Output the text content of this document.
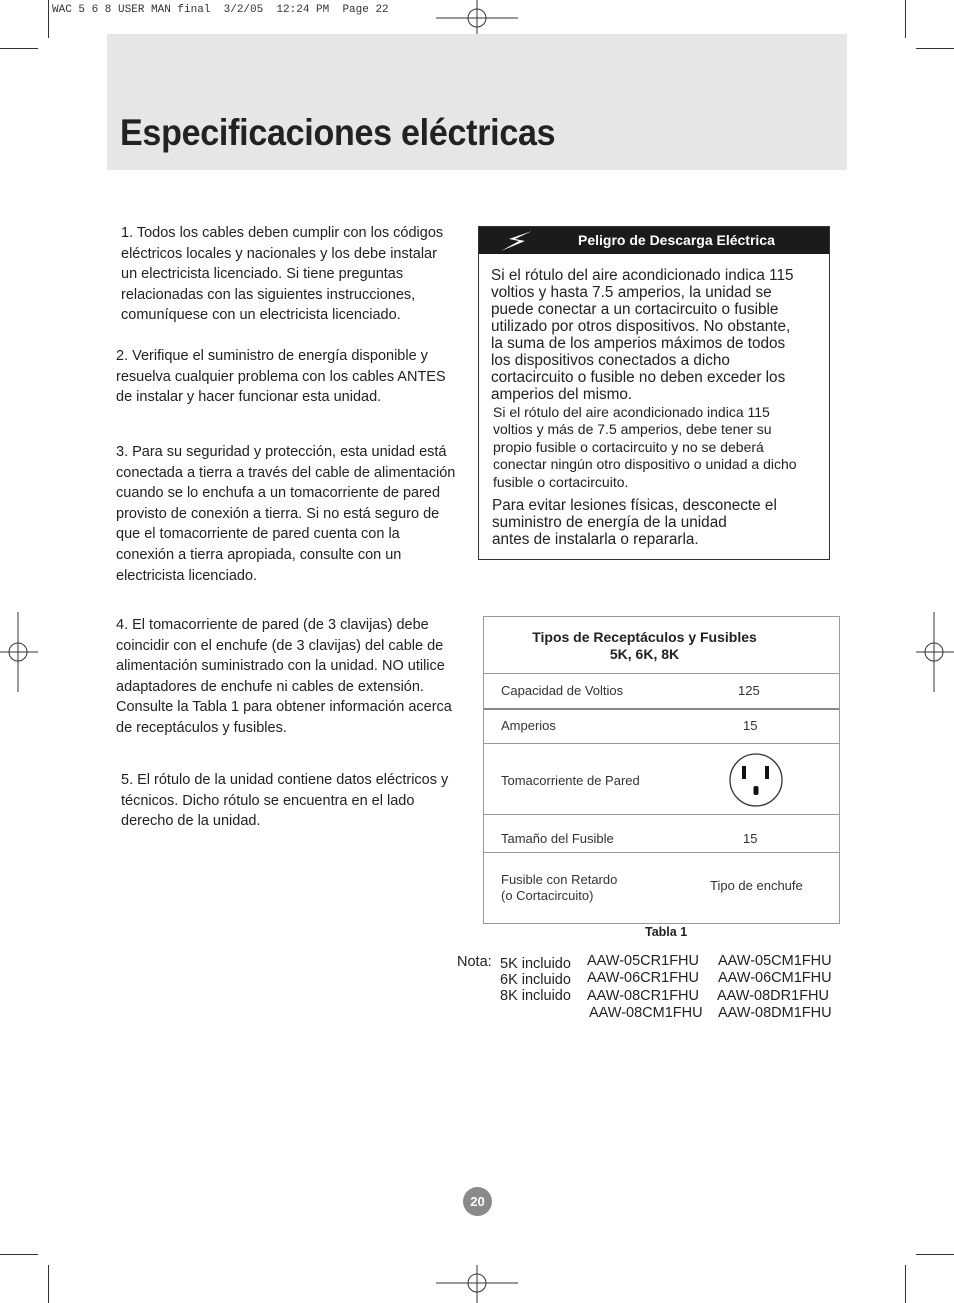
WAC 5 6 8 USER MAN final  3/2/05  12:24 PM  Page 22
Especificaciones eléctricas
1. Todos los cables deben cumplir con los códigos
eléctricos locales y nacionales y los debe instalar
un electricista licenciado. Si tiene preguntas
relacionadas con las siguientes instrucciones,
comuníquese con un electricista licenciado.
2. Verifique el suministro de energía disponible y
resuelva cualquier problema con los cables ANTES
de instalar y hacer funcionar esta unidad.
3. Para su seguridad y protección, esta unidad está
conectada a tierra a través del cable de alimentación
cuando se lo enchufa a un tomacorriente de pared
provisto de conexión a tierra. Si no está seguro de
que el tomacorriente de pared cuenta con la
conexión a tierra apropiada, consulte con un
electricista licenciado.
4. El tomacorriente de pared (de 3 clavijas) debe
coincidir con el enchufe (de 3 clavijas) del cable de
alimentación suministrado con la unidad. NO utilice
adaptadores de enchufe ni cables de extensión.
Consulte la Tabla 1 para obtener información acerca
de receptáculos y fusibles.
5. El rótulo de la unidad contiene datos eléctricos y
técnicos. Dicho rótulo se encuentra en el lado
derecho de la unidad.
Peligro de Descarga Eléctrica
Si el rótulo del aire acondicionado indica 115
voltios y hasta 7.5 amperios, la unidad se
puede conectar a un cortacircuito o fusible
utilizado por otros dispositivos. No obstante,
la suma de los amperios máximos de todos
los dispositivos conectados a dicho
cortacircuito o fusible no deben exceder los
amperios del mismo.
Si el rótulo del aire acondicionado indica 115
voltios y más de 7.5 amperios, debe tener su
propio fusible o cortacircuito y no se deberá
conectar ningún otro dispositivo o unidad a dicho
fusible o cortacircuito.
Para evitar lesiones físicas, desconecte el
suministro de energía de la unidad
antes de instalarla o repararla.
Tipos de Receptáculos y Fusibles
5K, 6K, 8K
Capacidad de Voltios	125
Amperios	15
Tomacorriente de Pared
Tamaño del Fusible	15
Fusible con Retardo
(o Cortacircuito)
Tipo de enchufe
Tabla 1
Nota: 5K incluido AAW-05CR1FHU AAW-05CM1FHU
6K incluido AAW-06CR1FHU AAW-06CM1FHU
8K incluido AAW-08CR1FHU AAW-08DR1FHU
AAW-08CM1FHU AAW-08DM1FHU
20
